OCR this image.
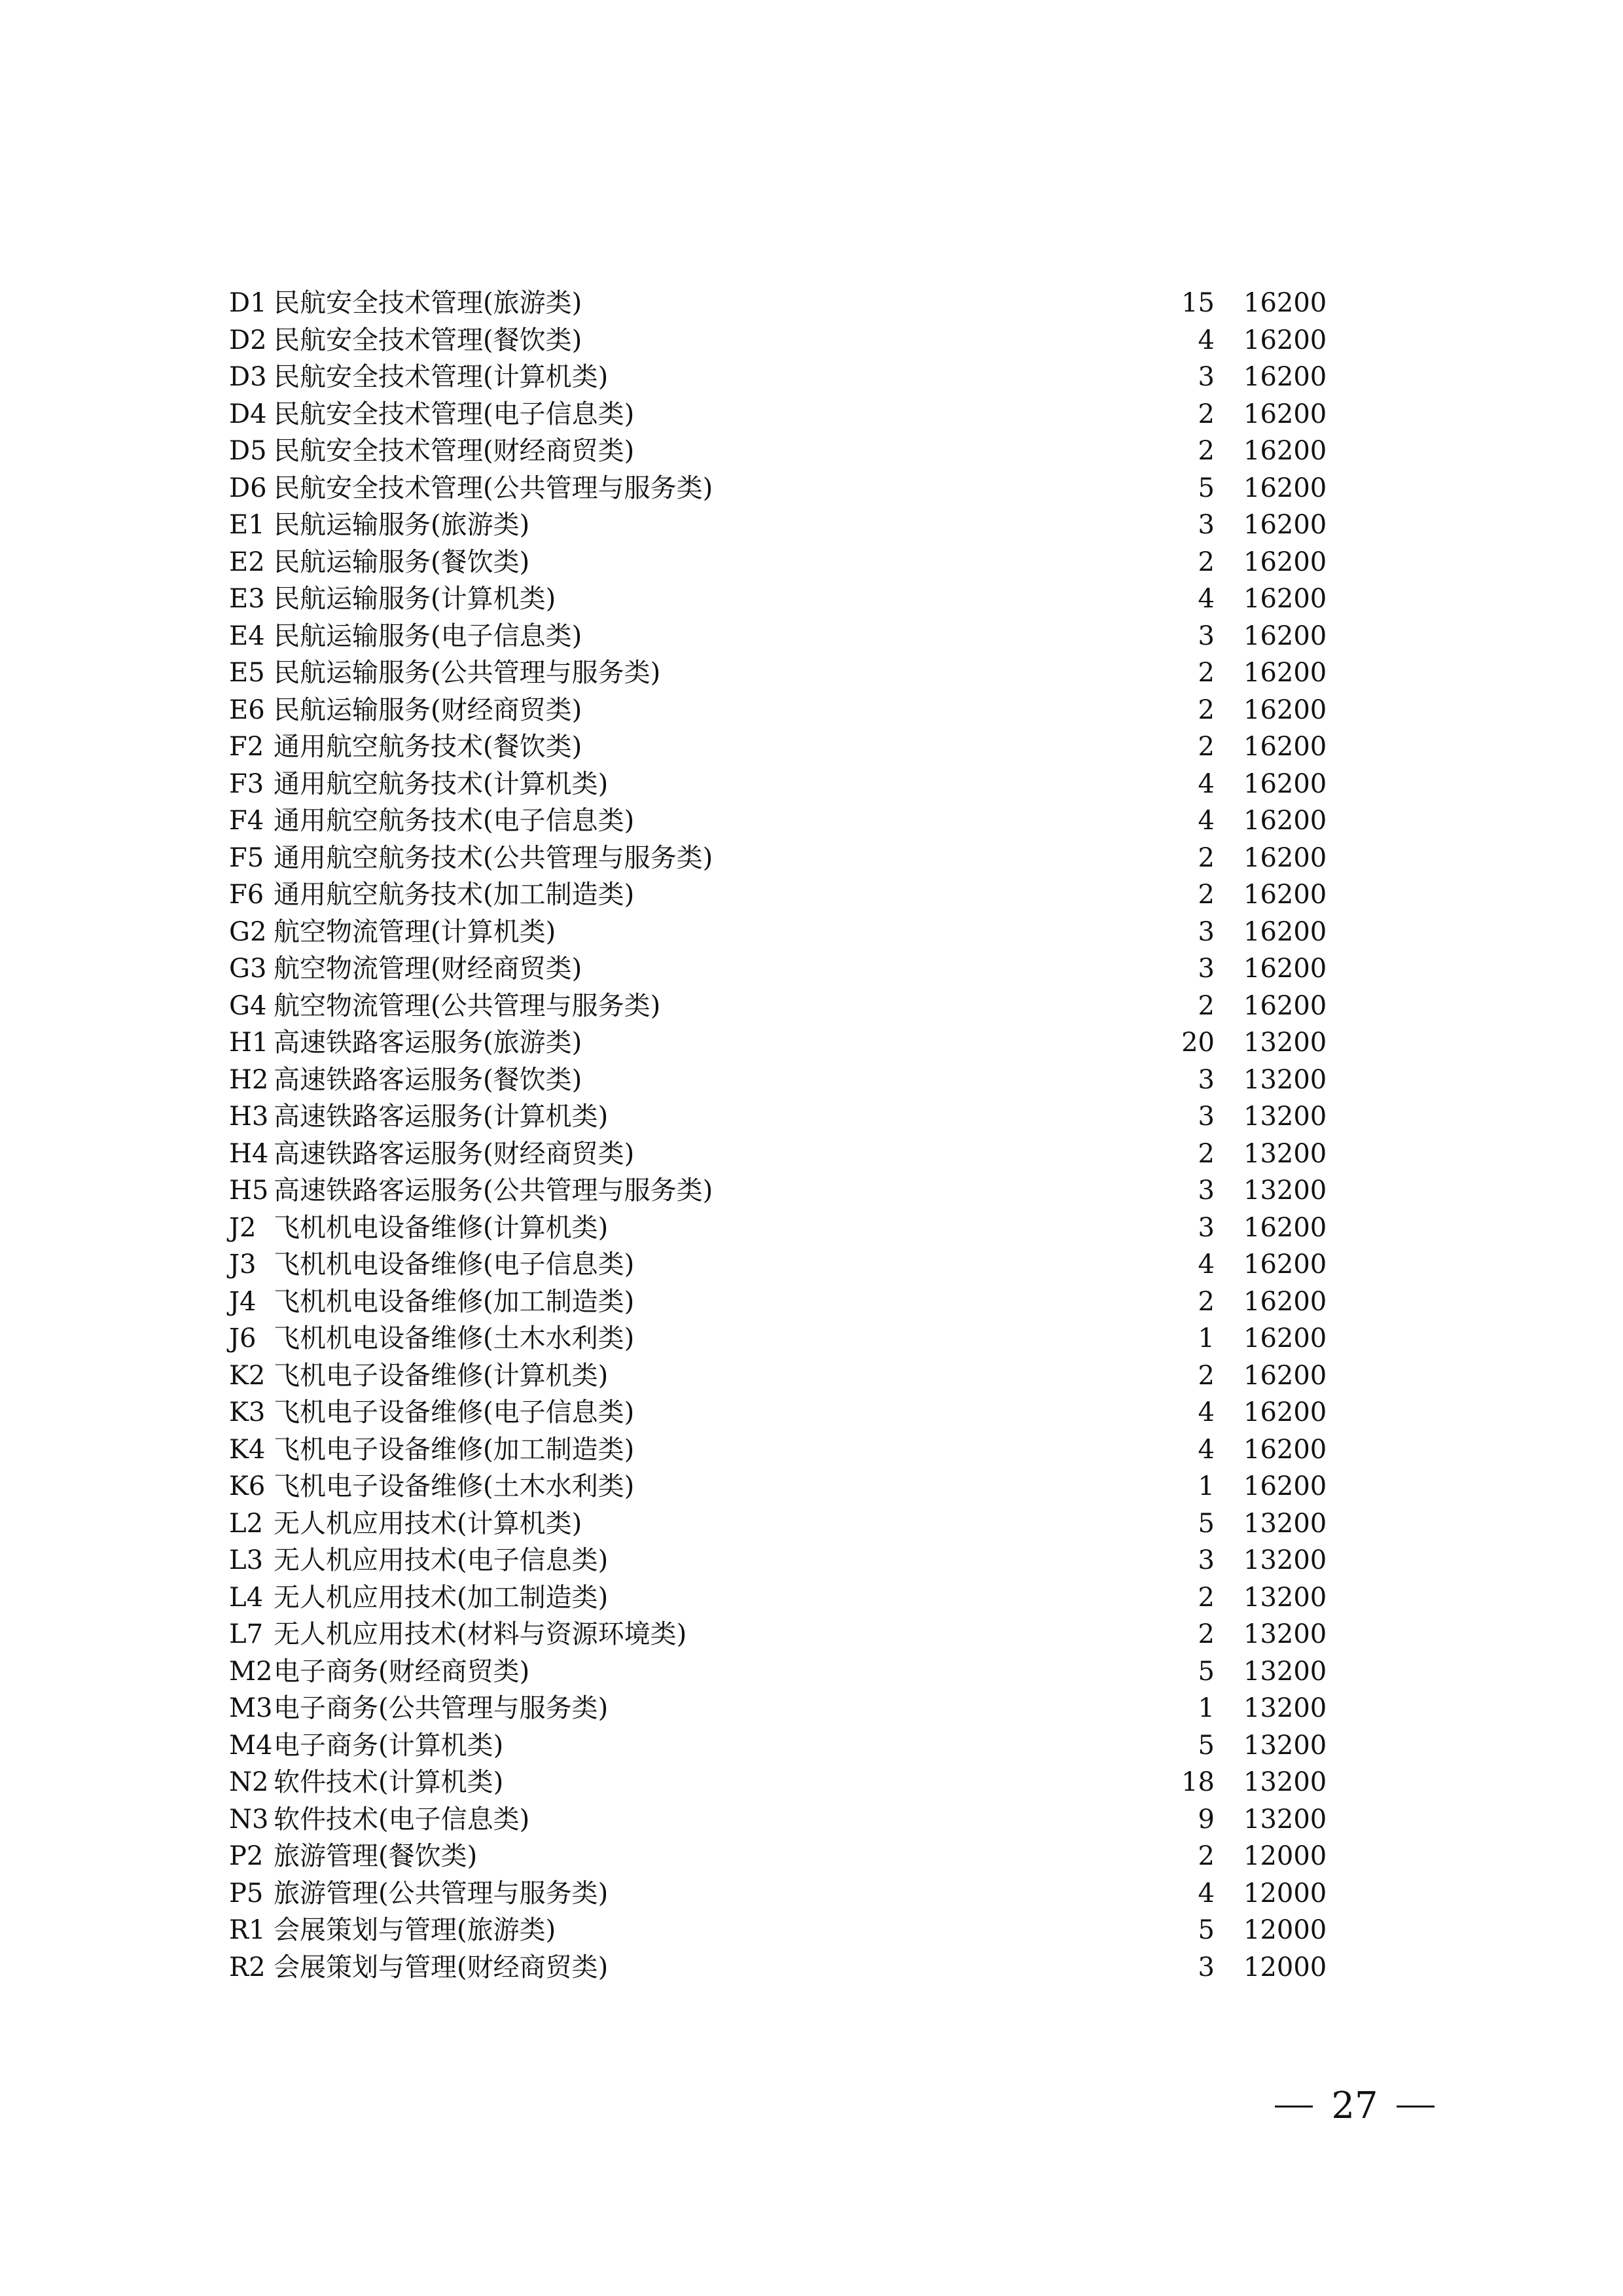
D1 民航安全技术管理(旅游类)	15 16200
D2 民航安全技术管理(餐饮类)	4 16200
D3 民航安全技术管理(计算机类)	3 16200
D4 民航安全技术管理(电子信息类)	2 16200
D5 民航安全技术管理(财经商贸类)	2 16200
D6 民航安全技术管理(公共管理与服务类)	5 16200
E1 民航运输服务(旅游类)	3 16200
E2 民航运输服务(餐饮类)	2 16200
E3 民航运输服务(计算机类)	4 16200
E4 民航运输服务(电子信息类)	3 16200
E5 民航运输服务(公共管理与服务类)	2 16200
E6 民航运输服务(财经商贸类)	2 16200
F2 通用航空航务技术(餐饮类)	2 16200
F3 通用航空航务技术(计算机类)	4 16200
F4 通用航空航务技术(电子信息类)	4 16200
F5 通用航空航务技术(公共管理与服务类)	2 16200
F6 通用航空航务技术(加工制造类)	2 16200
G2 航空物流管理(计算机类)	3 16200
G3 航空物流管理(财经商贸类)	3 16200
G4 航空物流管理(公共管理与服务类)	2 16200
H1 高速铁路客运服务(旅游类)	20 13200
H2 高速铁路客运服务(餐饮类)	3 13200
H3 高速铁路客运服务(计算机类)	3 13200
H4 高速铁路客运服务(财经商贸类)	2 13200
H5 高速铁路客运服务(公共管理与服务类)	3 13200
J2 飞机机电设备维修(计算机类)	3 16200
J3 飞机机电设备维修(电子信息类)	4 16200
J4 飞机机电设备维修(加工制造类)	2 16200
J6 飞机机电设备维修(土木水利类)	1 16200
K2 飞机电子设备维修(计算机类)	2 16200
K3 飞机电子设备维修(电子信息类)	4 16200
K4 飞机电子设备维修(加工制造类)	4 16200
K6 飞机电子设备维修(土木水利类)	1 16200
L2 无人机应用技术(计算机类)	5 13200
L3 无人机应用技术(电子信息类)	3 13200
L4 无人机应用技术(加工制造类)	2 13200
L7 无人机应用技术(材料与资源环境类)	2 13200
M2 电子商务(财经商贸类)	5 13200
M3 电子商务(公共管理与服务类)	1 13200
M4 电子商务(计算机类)	5 13200
N2 软件技术(计算机类)	18 13200
N3 软件技术(电子信息类)	9 13200
P2 旅游管理(餐饮类)	2 12000
P5 旅游管理(公共管理与服务类)	4 12000
R1 会展策划与管理(旅游类)	5 12000
R2 会展策划与管理(财经商贸类)	3 12000
27
